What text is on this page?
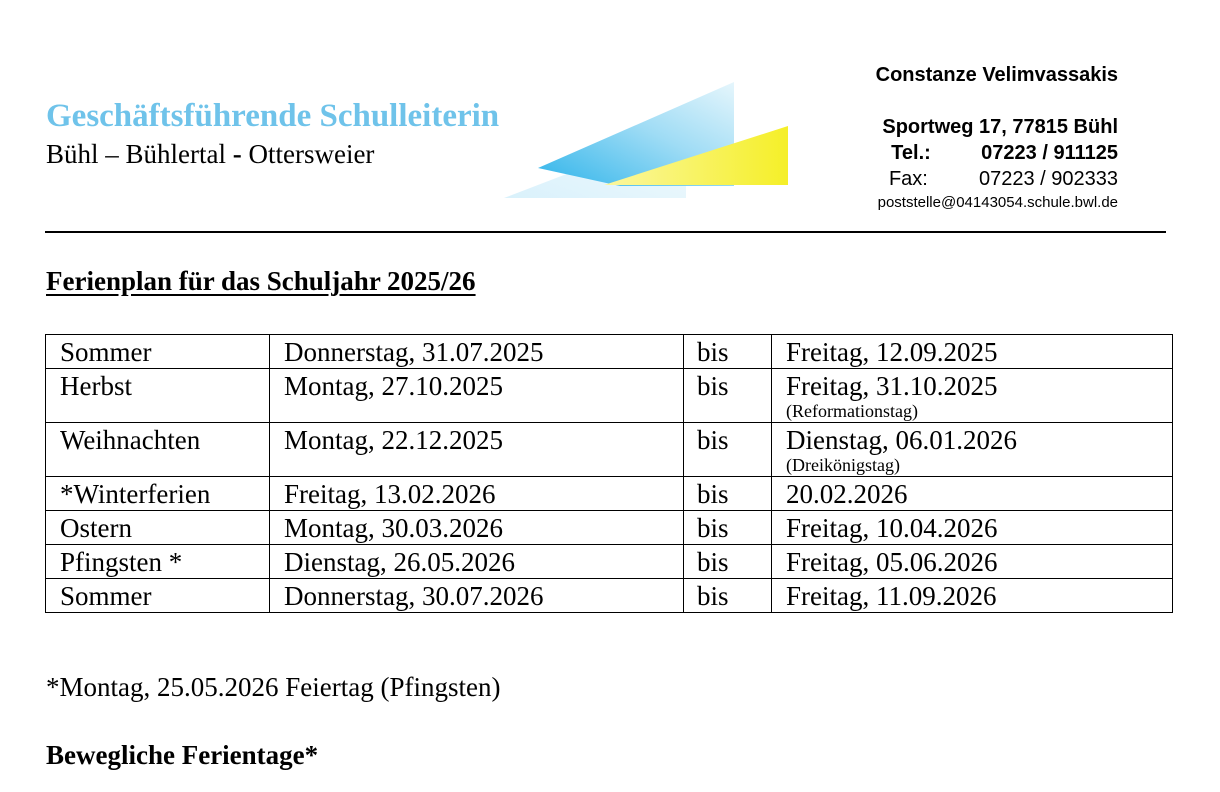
Geschäftsführende Schulleiterin
Bühl – Bühlertal - Ottersweier
Constanze Velimvassakis
Sportweg 17, 77815 Bühl
Tel.:	07223 / 911125
Fax:	07223 / 902333
poststelle@04143054.schule.bwl.de
Ferienplan für das Schuljahr 2025/26
Sommer	Donnerstag, 31.07.2025	bis	Freitag, 12.09.2025
Herbst	Montag, 27.10.2025	bis	Freitag, 31.10.2025
(Reformationstag)

Weihnachten	Montag, 22.12.2025	bis	Dienstag, 06.01.2026
(Dreikönigstag)

*Winterferien	Freitag, 13.02.2026	bis	20.02.2026
Ostern	Montag, 30.03.2026	bis	Freitag, 10.04.2026
Pfingsten *	Dienstag, 26.05.2026	bis	Freitag, 05.06.2026
Sommer	Donnerstag, 30.07.2026	bis	Freitag, 11.09.2026
*Montag, 25.05.2026 Feiertag (Pfingsten)
Bewegliche Ferientage*
